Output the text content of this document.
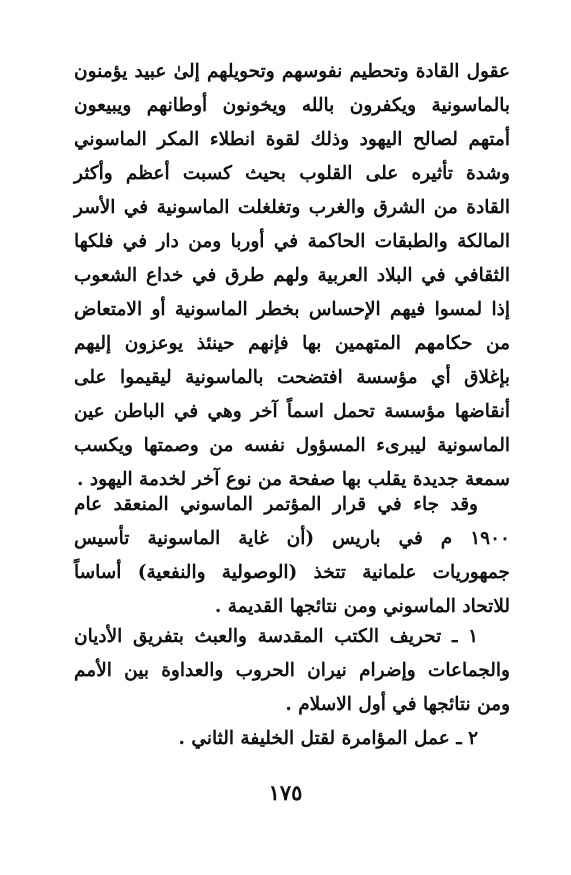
عقول القادة وتحطيم نفوسهم وتحويلهم إلىٰ عبيد يؤمنون بالماسونية ويكفرون بالله ويخونون أوطانهم ويبيعون أمتهم لصالح اليهود وذلك لقوة انطلاء المكر الماسوني وشدة تأثيره على القلوب بحيث كسبت أعظم وأكثر القادة من الشرق والغرب وتغلغلت الماسونية في الأسر المالكة والطبقات الحاكمة في أوربا ومن دار في فلكها الثقافي في البلاد العربية ولهم طرق في خداع الشعوب إذا لمسوا فيهم الإحساس بخطر الماسونية أو الامتعاض من حكامهم المتهمين بها فإنهم حينئذ يوعزون إليهم بإغلاق أي مؤسسة افتضحت بالماسونية ليقيموا على أنقاضها مؤسسة تحمل اسماً آخر وهي في الباطن عين الماسونية ليبرىء المسؤول نفسه من وصمتها ويكسب سمعة جديدة يقلب بها صفحة من نوع آخر لخدمة اليهود .

وقد جاء في قرار المؤتمر الماسوني المنعقد عام ١٩٠٠ م في باريس (أن غاية الماسونية تأسيس جمهوريات علمانية تتخذ (الوصولية والنفعية) أساساً للاتحاد الماسوني ومن نتائجها القديمة .

١ ـ تحريف الكتب المقدسة والعبث بتفريق الأديان والجماعات وإضرام نيران الحروب والعداوة بين الأمم ومن نتائجها في أول الاسلام .

٢ ـ عمل المؤامرة لقتل الخليفة الثاني .

١٧٥
